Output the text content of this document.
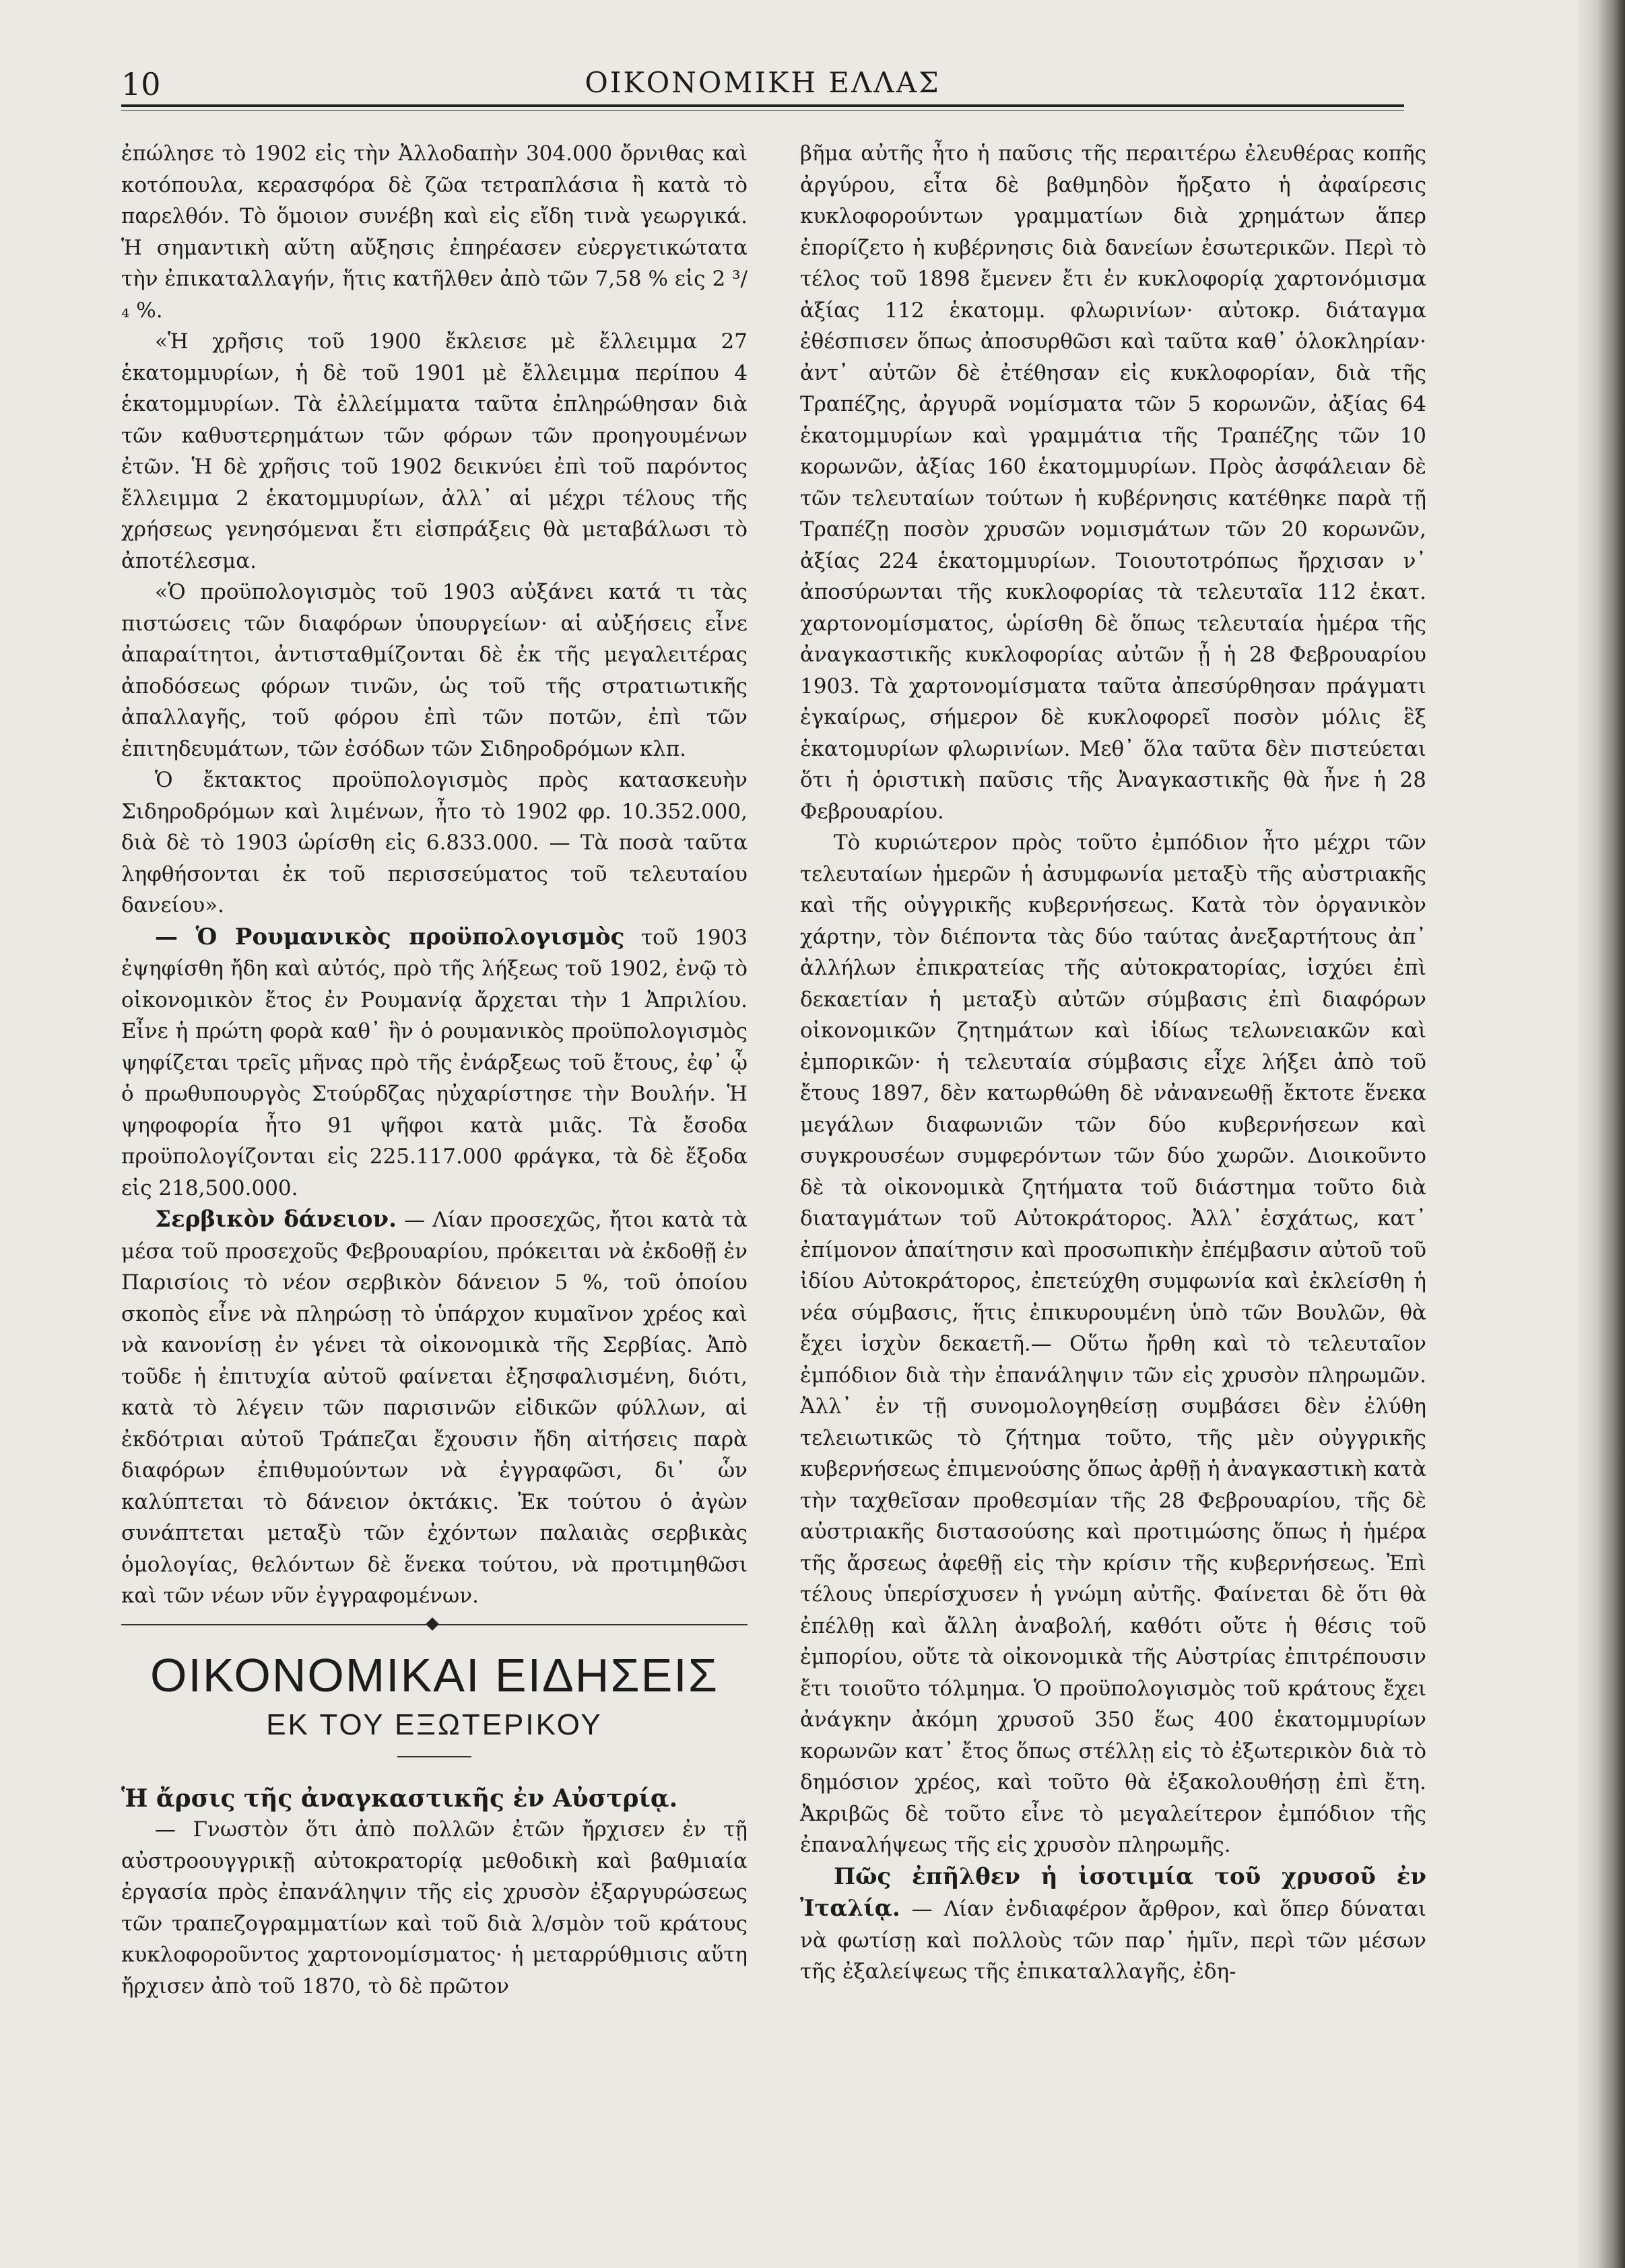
10	ΟΙΚΟΝΟΜΙΚΗ ΕΛΛΑΣ

ἐπώλησε τὸ 1902 εἰς τὴν Ἀλλοδαπὴν 304.000 ὄρνιθας καὶ κοτόπουλα, κερασφόρα δὲ ζῶα τετραπλάσια ἢ κατὰ τὸ παρελθόν. Τὸ ὅμοιον συνέβη καὶ εἰς εἴδη τινὰ γεωργικά. Ἡ σημαντικὴ αὕτη αὔξησις ἐπηρέασεν εὐεργετικώτατα τὴν ἐπικαταλλαγήν, ἥτις κατῆλθεν ἀπὸ τῶν 7,58 % εἰς 2 ³/₄ %.

«Ἡ χρῆσις τοῦ 1900 ἔκλεισε μὲ ἔλλειμμα 27 ἑκατομμυρίων, ἡ δὲ τοῦ 1901 μὲ ἔλλειμμα περίπου 4 ἑκατομμυρίων. Τὰ ἐλλείμματα ταῦτα ἐπληρώθησαν διὰ τῶν καθυστερημάτων τῶν φόρων τῶν προηγουμένων ἐτῶν. Ἡ δὲ χρῆσις τοῦ 1902 δεικνύει ἐπὶ τοῦ παρόντος ἔλλειμμα 2 ἑκατομμυρίων, ἀλλ᾽ αἱ μέχρι τέλους τῆς χρήσεως γενησόμεναι ἔτι εἰσπράξεις θὰ μεταβάλωσι τὸ ἀποτέλεσμα.

«Ὁ προϋπολογισμὸς τοῦ 1903 αὐξάνει κατά τι τὰς πιστώσεις τῶν διαφόρων ὑπουργείων· αἱ αὐξήσεις εἶνε ἀπαραίτητοι, ἀντισταθμίζονται δὲ ἐκ τῆς μεγαλειτέρας ἀποδόσεως φόρων τινῶν, ὡς τοῦ τῆς στρατιωτικῆς ἀπαλλαγῆς, τοῦ φόρου ἐπὶ τῶν ποτῶν, ἐπὶ τῶν ἐπιτηδευμάτων, τῶν ἐσόδων τῶν Σιδηροδρόμων κλπ.

Ὁ ἔκτακτος προϋπολογισμὸς πρὸς κατασκευὴν Σιδηροδρόμων καὶ λιμένων, ἦτο τὸ 1902 φρ. 10.352.000, διὰ δὲ τὸ 1903 ὡρίσθη εἰς 6.833.000. — Τὰ ποσὰ ταῦτα ληφθήσονται ἐκ τοῦ περισσεύματος τοῦ τελευταίου δανείου».

— Ὁ Ρουμανικὸς προϋπολογισμὸς τοῦ 1903 ἐψηφίσθη ἤδη καὶ αὐτός, πρὸ τῆς λήξεως τοῦ 1902, ἐνῷ τὸ οἰκονομικὸν ἔτος ἐν Ρουμανίᾳ ἄρχεται τὴν 1 Ἀπριλίου. Εἶνε ἡ πρώτη φορὰ καθ᾽ ἣν ὁ ρουμανικὸς προϋπολογισμὸς ψηφίζεται τρεῖς μῆνας πρὸ τῆς ἐνάρξεως τοῦ ἔτους, ἐφ᾽ ᾧ ὁ πρωθυπουργὸς Στούρδζας ηὐχαρίστησε τὴν Βουλήν. Ἡ ψηφοφορία ἦτο 91 ψῆφοι κατὰ μιᾶς. Τὰ ἔσοδα προϋπολογίζονται εἰς 225.117.000 φράγκα, τὰ δὲ ἔξοδα εἰς 218,500.000.

Σερβικὸν δάνειον. — Λίαν προσεχῶς, ἤτοι κατὰ τὰ μέσα τοῦ προσεχοῦς Φεβρουαρίου, πρόκειται νὰ ἐκδοθῇ ἐν Παρισίοις τὸ νέον σερβικὸν δάνειον 5 %, τοῦ ὁποίου σκοπὸς εἶνε νὰ πληρώσῃ τὸ ὑπάρχον κυμαῖνον χρέος καὶ νὰ κανονίσῃ ἐν γένει τὰ οἰκονομικὰ τῆς Σερβίας. Ἀπὸ τοῦδε ἡ ἐπιτυχία αὐτοῦ φαίνεται ἐξησφαλισμένη, διότι, κατὰ τὸ λέγειν τῶν παρισινῶν εἰδικῶν φύλλων, αἱ ἐκδότριαι αὐτοῦ Τράπεζαι ἔχουσιν ἤδη αἰτήσεις παρὰ διαφόρων ἐπιθυμούντων νὰ ἐγγραφῶσι, δι᾽ ὧν καλύπτεται τὸ δάνειον ὀκτάκις. Ἐκ τούτου ὁ ἀγὼν συνάπτεται μεταξὺ τῶν ἐχόντων παλαιὰς σερβικὰς ὁμολογίας, θελόντων δὲ ἕνεκα τούτου, νὰ προτιμηθῶσι καὶ τῶν νέων νῦν ἐγγραφομένων.

ΟΙΚΟΝΟΜΙΚΑΙ ΕΙΔΗΣΕΙΣ
ΕΚ ΤΟΥ ΕΞΩΤΕΡΙΚΟΥ

Ἡ ἄρσις τῆς ἀναγκαστικῆς ἐν Αὐστρίᾳ.

— Γνωστὸν ὅτι ἀπὸ πολλῶν ἐτῶν ἤρχισεν ἐν τῇ αὐστροουγγρικῇ αὐτοκρατορίᾳ μεθοδικὴ καὶ βαθμιαία ἐργασία πρὸς ἐπανάληψιν τῆς εἰς χρυσὸν ἐξαργυρώσεως τῶν τραπεζογραμματίων καὶ τοῦ διὰ λ/σμὸν τοῦ κράτους κυκλοφοροῦντος χαρτονομίσματος· ἡ μεταρρύθμισις αὕτη ἤρχισεν ἀπὸ τοῦ 1870, τὸ δὲ πρῶτον

βῆμα αὐτῆς ἦτο ἡ παῦσις τῆς περαιτέρω ἐλευθέρας κοπῆς ἀργύρου, εἶτα δὲ βαθμηδὸν ἤρξατο ἡ ἀφαίρεσις κυκλοφορούντων γραμματίων διὰ χρημάτων ἅπερ ἐπορίζετο ἡ κυβέρνησις διὰ δανείων ἐσωτερικῶν. Περὶ τὸ τέλος τοῦ 1898 ἔμενεν ἔτι ἐν κυκλοφορίᾳ χαρτονόμισμα ἀξίας 112 ἑκατομμ. φλωρινίων· αὐτοκρ. διάταγμα ἐθέσπισεν ὅπως ἀποσυρθῶσι καὶ ταῦτα καθ᾽ ὁλοκληρίαν· ἀντ᾽ αὐτῶν δὲ ἐτέθησαν εἰς κυκλοφορίαν, διὰ τῆς Τραπέζης, ἀργυρᾶ νομίσματα τῶν 5 κορωνῶν, ἀξίας 64 ἑκατομμυρίων καὶ γραμμάτια τῆς Τραπέζης τῶν 10 κορωνῶν, ἀξίας 160 ἑκατομμυρίων. Πρὸς ἀσφάλειαν δὲ τῶν τελευταίων τούτων ἡ κυβέρνησις κατέθηκε παρὰ τῇ Τραπέζῃ ποσὸν χρυσῶν νομισμάτων τῶν 20 κορωνῶν, ἀξίας 224 ἑκατομμυρίων. Τοιουτοτρόπως ἤρχισαν ν᾽ ἀποσύρωνται τῆς κυκλοφορίας τὰ τελευταῖα 112 ἑκατ. χαρτονομίσματος, ὡρίσθη δὲ ὅπως τελευταία ἡμέρα τῆς ἀναγκαστικῆς κυκλοφορίας αὐτῶν ᾖ ἡ 28 Φεβρουαρίου 1903. Τὰ χαρτονομίσματα ταῦτα ἀπεσύρθησαν πράγματι ἐγκαίρως, σήμερον δὲ κυκλοφορεῖ ποσὸν μόλις ἓξ ἑκατομυρίων φλωρινίων. Μεθ᾽ ὅλα ταῦτα δὲν πιστεύεται ὅτι ἡ ὁριστικὴ παῦσις τῆς Ἀναγκαστικῆς θὰ ἦνε ἡ 28 Φεβρουαρίου.

Τὸ κυριώτερον πρὸς τοῦτο ἐμπόδιον ἦτο μέχρι τῶν τελευταίων ἡμερῶν ἡ ἀσυμφωνία μεταξὺ τῆς αὐστριακῆς καὶ τῆς οὐγγρικῆς κυβερνήσεως. Κατὰ τὸν ὀργανικὸν χάρτην, τὸν διέποντα τὰς δύο ταύτας ἀνεξαρτήτους ἀπ᾽ ἀλλήλων ἐπικρατείας τῆς αὐτοκρατορίας, ἰσχύει ἐπὶ δεκαετίαν ἡ μεταξὺ αὐτῶν σύμβασις ἐπὶ διαφόρων οἰκονομικῶν ζητημάτων καὶ ἰδίως τελωνειακῶν καὶ ἐμπορικῶν· ἡ τελευταία σύμβασις εἶχε λήξει ἀπὸ τοῦ ἔτους 1897, δὲν κατωρθώθη δὲ νἀνανεωθῇ ἔκτοτε ἕνεκα μεγάλων διαφωνιῶν τῶν δύο κυβερνήσεων καὶ συγκρουσέων συμφερόντων τῶν δύο χωρῶν. Διοικοῦντο δὲ τὰ οἰκονομικὰ ζητήματα τοῦ διάστημα τοῦτο διὰ διαταγμάτων τοῦ Αὐτοκράτορος. Ἀλλ᾽ ἐσχάτως, κατ᾽ ἐπίμονον ἀπαίτησιν καὶ προσωπικὴν ἐπέμβασιν αὐτοῦ τοῦ ἰδίου Αὐτοκράτορος, ἐπετεύχθη συμφωνία καὶ ἐκλείσθη ἡ νέα σύμβασις, ἥτις ἐπικυρουμένη ὑπὸ τῶν Βουλῶν, θὰ ἔχει ἰσχὺν δεκαετῆ.— Οὕτω ἤρθη καὶ τὸ τελευταῖον ἐμπόδιον διὰ τὴν ἐπανάληψιν τῶν εἰς χρυσὸν πληρωμῶν. Ἀλλ᾽ ἐν τῇ συνομολογηθείσῃ συμβάσει δὲν ἐλύθη τελειωτικῶς τὸ ζήτημα τοῦτο, τῆς μὲν οὐγγρικῆς κυβερνήσεως ἐπιμενούσης ὅπως ἀρθῇ ἡ ἀναγκαστικὴ κατὰ τὴν ταχθεῖσαν προθεσμίαν τῆς 28 Φεβρουαρίου, τῆς δὲ αὐστριακῆς διστασούσης καὶ προτιμώσης ὅπως ἡ ἡμέρα τῆς ἄρσεως ἀφεθῇ εἰς τὴν κρίσιν τῆς κυβερνήσεως. Ἐπὶ τέλους ὑπερίσχυσεν ἡ γνώμη αὐτῆς. Φαίνεται δὲ ὅτι θὰ ἐπέλθῃ καὶ ἄλλη ἀναβολή, καθότι οὔτε ἡ θέσις τοῦ ἐμπορίου, οὔτε τὰ οἰκονομικὰ τῆς Αὐστρίας ἐπιτρέπουσιν ἔτι τοιοῦτο τόλμημα. Ὁ προϋπολογισμὸς τοῦ κράτους ἔχει ἀνάγκην ἀκόμη χρυσοῦ 350 ἕως 400 ἑκατομμυρίων κορωνῶν κατ᾽ ἔτος ὅπως στέλλῃ εἰς τὸ ἐξωτερικὸν διὰ τὸ δημόσιον χρέος, καὶ τοῦτο θὰ ἐξακολουθήσῃ ἐπὶ ἔτη. Ἀκριβῶς δὲ τοῦτο εἶνε τὸ μεγαλείτερον ἐμπόδιον τῆς ἐπαναλήψεως τῆς εἰς χρυσὸν πληρωμῆς.

Πῶς ἐπῆλθεν ἡ ἰσοτιμία τοῦ χρυσοῦ ἐν Ἰταλίᾳ. — Λίαν ἐνδιαφέρον ἄρθρον, καὶ ὅπερ δύναται νὰ φωτίσῃ καὶ πολλοὺς τῶν παρ᾽ ἡμῖν, περὶ τῶν μέσων τῆς ἐξαλείψεως τῆς ἐπικαταλλαγῆς, ἐδη-
